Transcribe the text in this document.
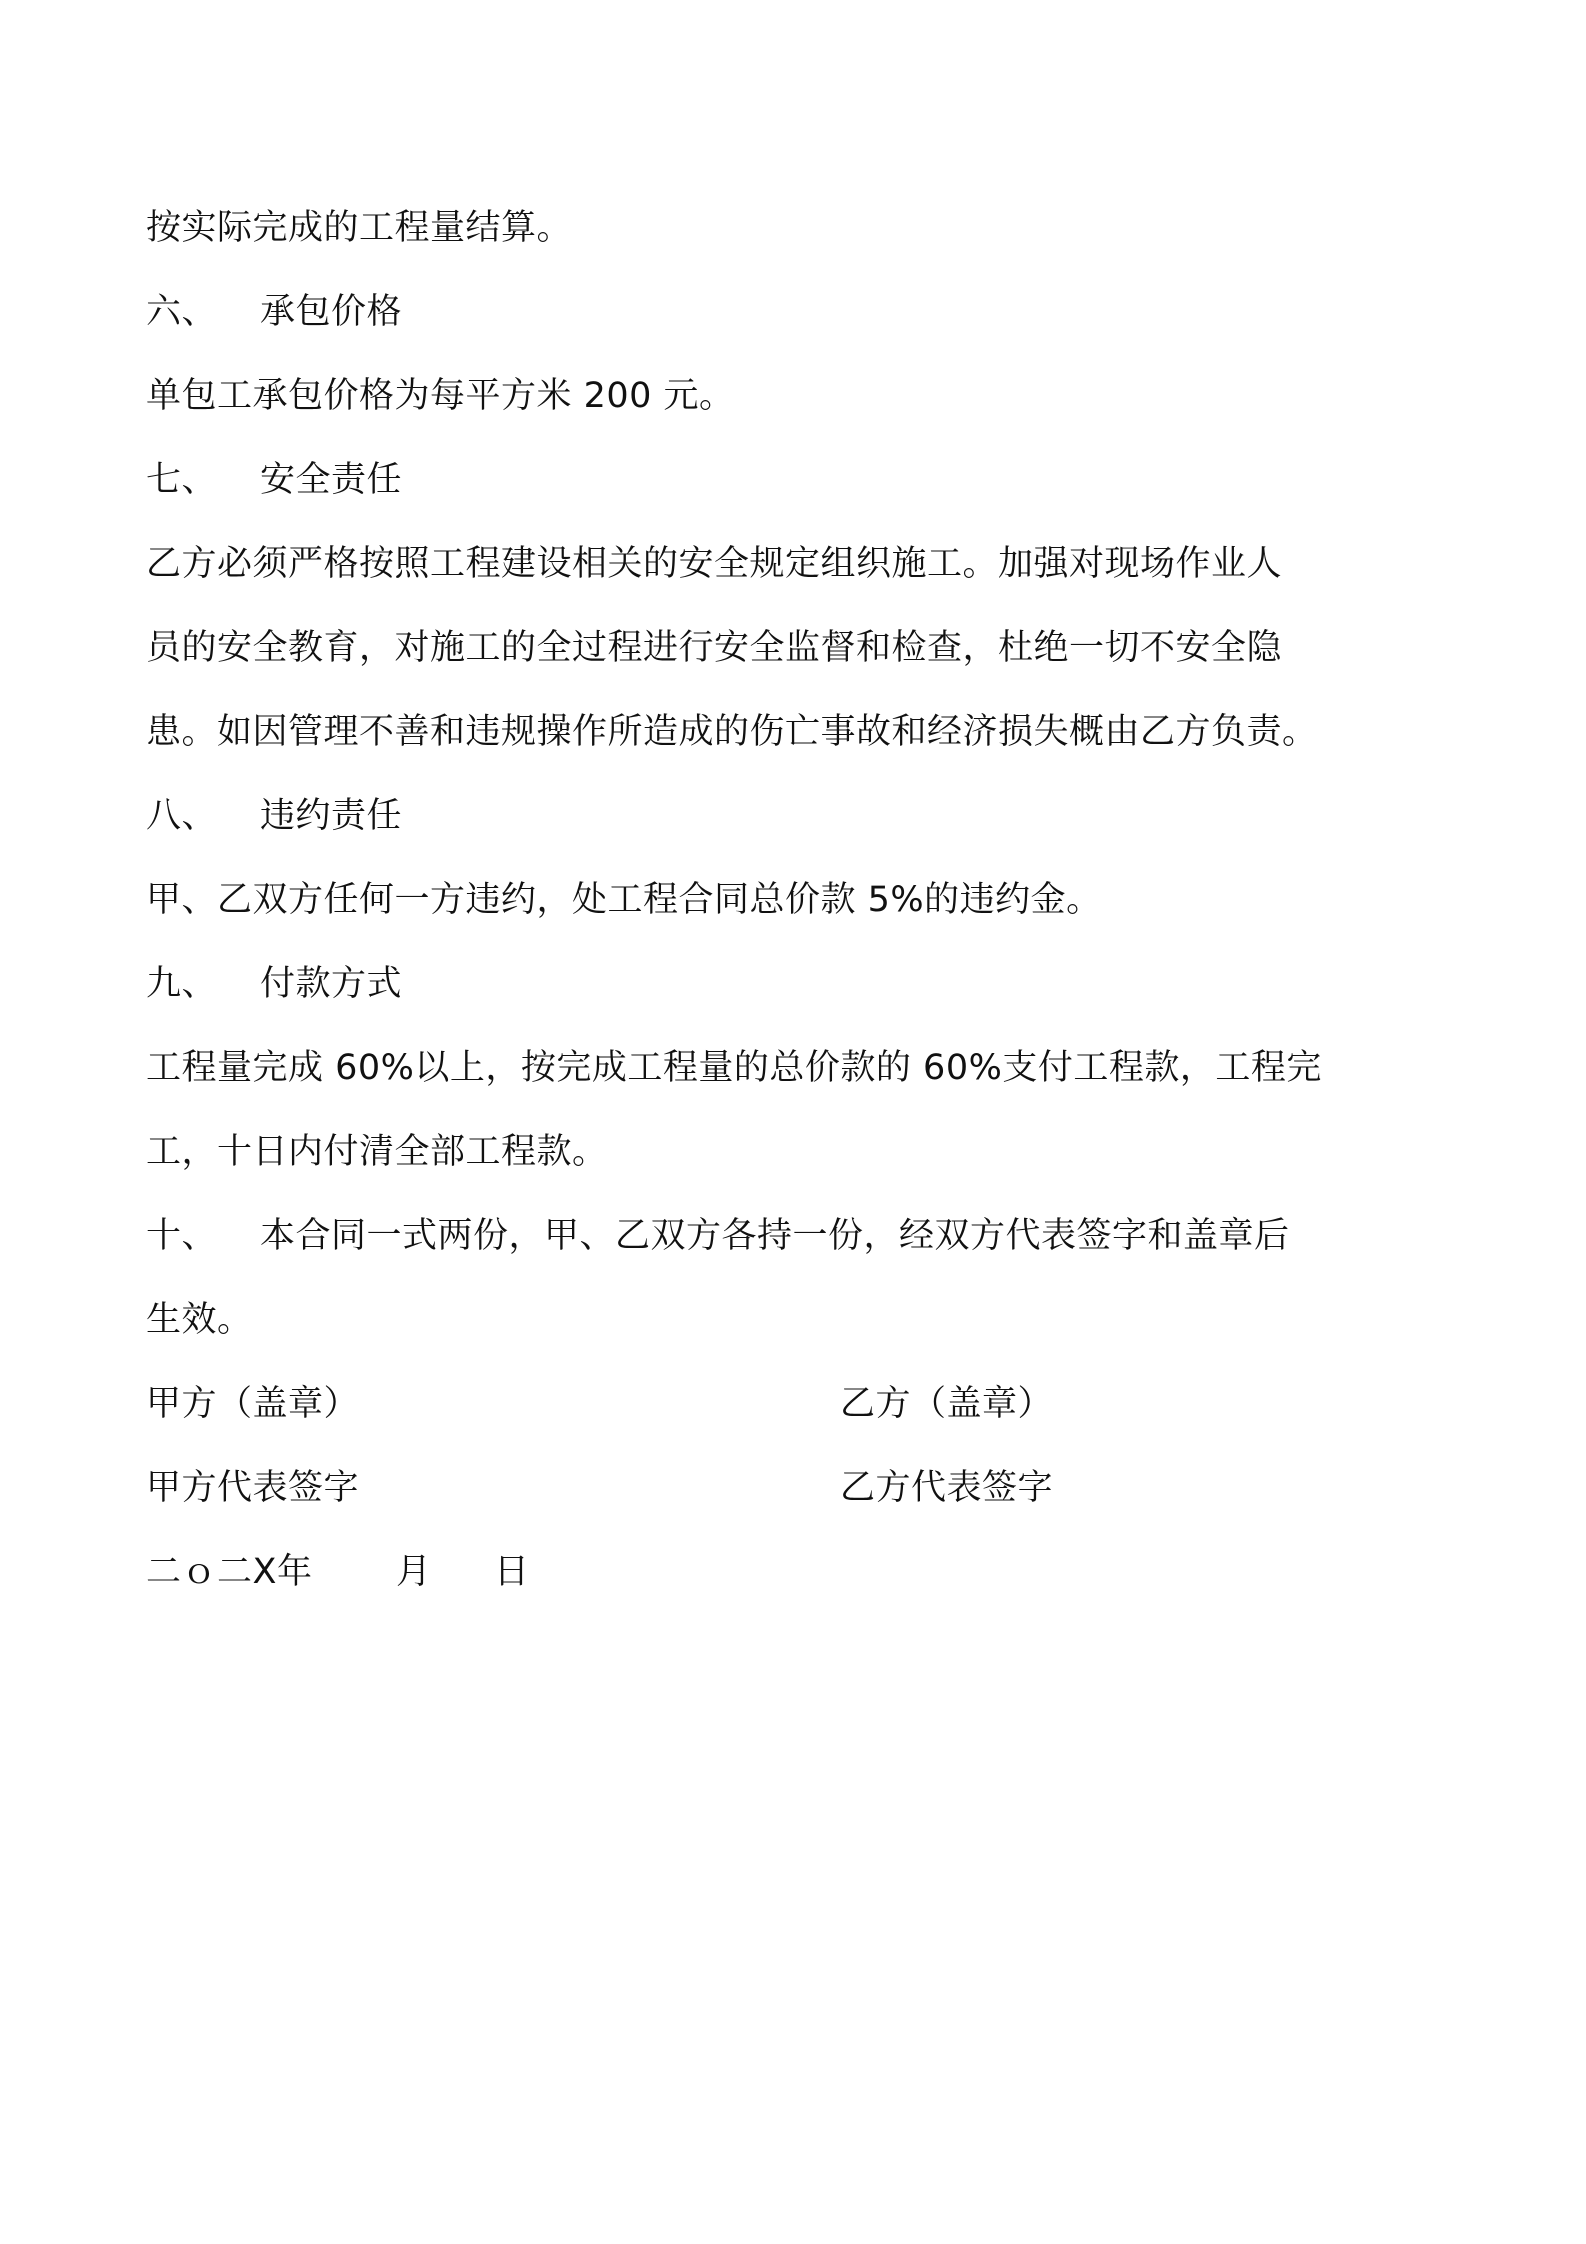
按实际完成的工程量结算。
六、 承包价格
单包工承包价格为每平方米 200 元。
七、 安全责任
乙方必须严格按照工程建设相关的安全规定组织施工。加强对现场作业人
员的安全教育，对施工的全过程进行安全监督和检查，杜绝一切不安全隐
患。如因管理不善和违规操作所造成的伤亡事故和经济损失概由乙方负责。
八、 违约责任
甲、乙双方任何一方违约，处工程合同总价款 5%的违约金。
九、 付款方式
工程量完成 60%以上，按完成工程量的总价款的 60%支付工程款，工程完
工，十日内付清全部工程款。
十、 本合同一式两份，甲、乙双方各持一份，经双方代表签字和盖章后
生效。
甲方（盖章）	乙方（盖章）
甲方代表签字	乙方代表签字
二ｏ二X年 月 日
